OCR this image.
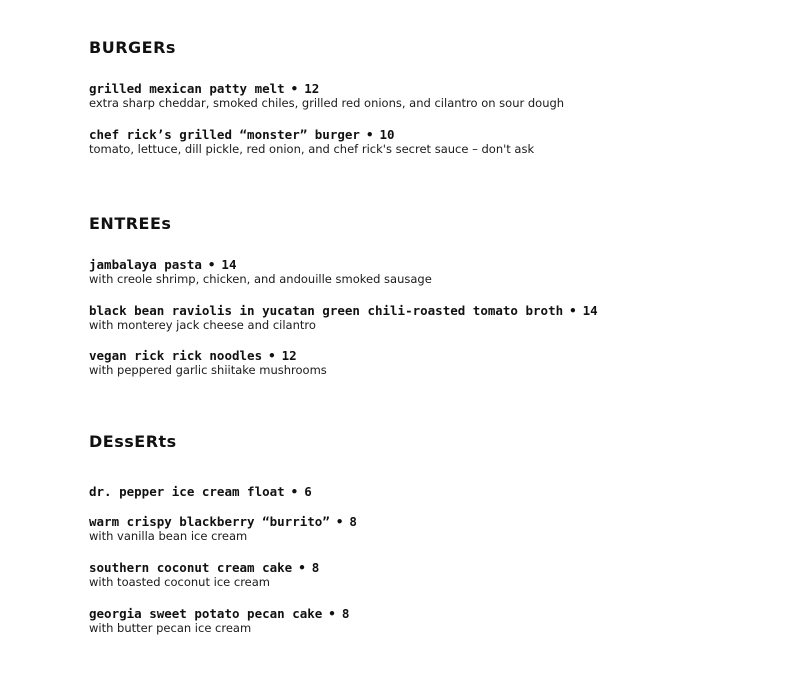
BURGERs
grilled mexican patty melt • 12
extra sharp cheddar, smoked chiles, grilled red onions, and cilantro on sour dough
chef rick’s grilled “monster” burger • 10
tomato, lettuce, dill pickle, red onion, and chef rick's secret sauce – don't ask
ENTREEs
jambalaya pasta • 14
with creole shrimp, chicken, and andouille smoked sausage
black bean raviolis in yucatan green chili-roasted tomato broth • 14
with monterey jack cheese and cilantro
vegan rick rick noodles • 12
with peppered garlic shiitake mushrooms
DEssERts
dr. pepper ice cream float • 6
warm crispy blackberry “burrito” • 8
with vanilla bean ice cream
southern coconut cream cake • 8
with toasted coconut ice cream
georgia sweet potato pecan cake • 8
with butter pecan ice cream
